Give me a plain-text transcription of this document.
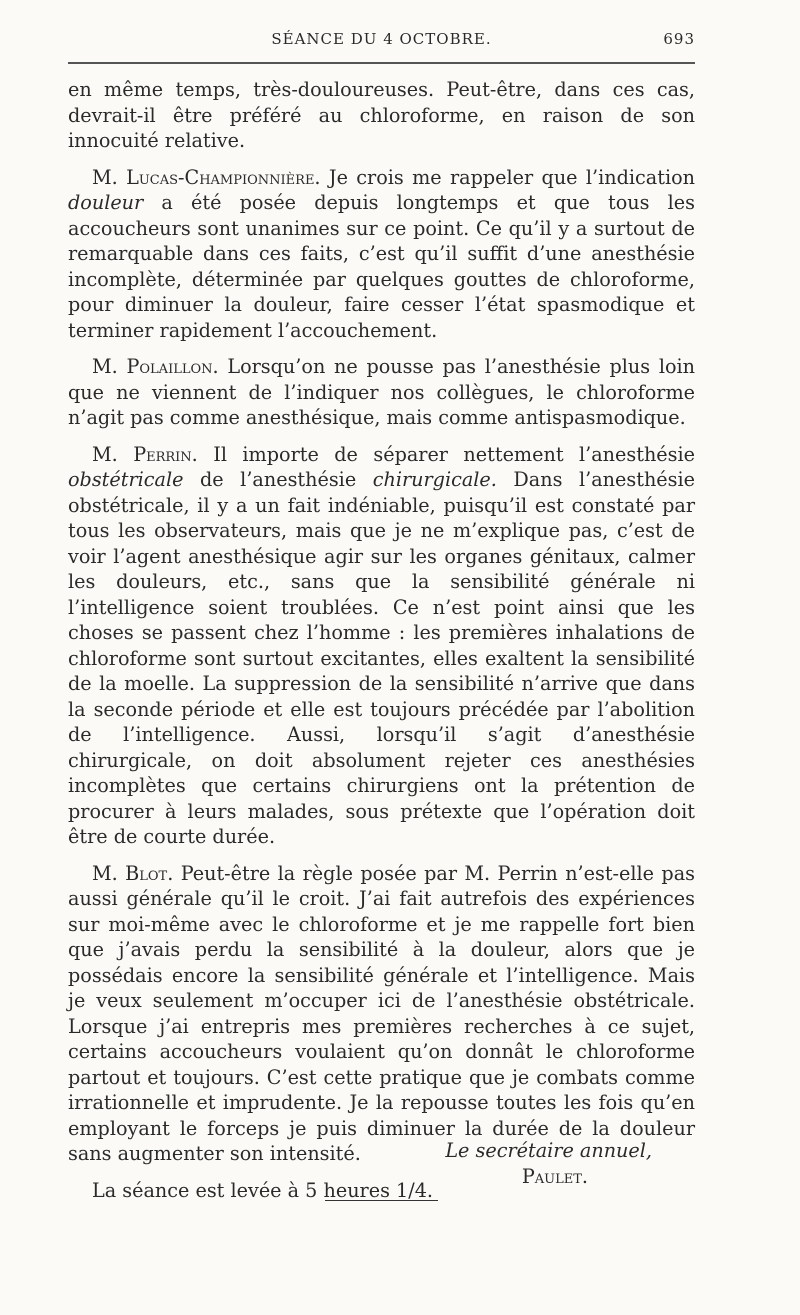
SÉANCE DU 4 OCTOBRE.	693

en même temps, très-douloureuses. Peut-être, dans ces cas, devrait-il être préféré au chloroforme, en raison de son innocuité relative.

M. Lucas-Championnière. Je crois me rappeler que l’indication douleur a été posée depuis longtemps et que tous les accoucheurs sont unanimes sur ce point. Ce qu’il y a surtout de remarquable dans ces faits, c’est qu’il suffit d’une anesthésie incomplète, déterminée par quelques gouttes de chloroforme, pour diminuer la douleur, faire cesser l’état spasmodique et terminer rapidement l’accouchement.

M. Polaillon. Lorsqu’on ne pousse pas l’anesthésie plus loin que ne viennent de l’indiquer nos collègues, le chloroforme n’agit pas comme anesthésique, mais comme antispasmodique.

M. Perrin. Il importe de séparer nettement l’anesthésie obstétricale de l’anesthésie chirurgicale. Dans l’anesthésie obstétricale, il y a un fait indéniable, puisqu’il est constaté par tous les observateurs, mais que je ne m’explique pas, c’est de voir l’agent anesthésique agir sur les organes génitaux, calmer les douleurs, etc., sans que la sensibilité générale ni l’intelligence soient troublées. Ce n’est point ainsi que les choses se passent chez l’homme : les premières inhalations de chloroforme sont surtout excitantes, elles exaltent la sensibilité de la moelle. La suppression de la sensibilité n’arrive que dans la seconde période et elle est toujours précédée par l’abolition de l’intelligence. Aussi, lorsqu’il s’agit d’anesthésie chirurgicale, on doit absolument rejeter ces anesthésies incomplètes que certains chirurgiens ont la prétention de procurer à leurs malades, sous prétexte que l’opération doit être de courte durée.

M. Blot. Peut-être la règle posée par M. Perrin n’est-elle pas aussi générale qu’il le croit. J’ai fait autrefois des expériences sur moi-même avec le chloroforme et je me rappelle fort bien que j’avais perdu la sensibilité à la douleur, alors que je possédais encore la sensibilité générale et l’intelligence. Mais je veux seulement m’occuper ici de l’anesthésie obstétricale. Lorsque j’ai entrepris mes premières recherches à ce sujet, certains accoucheurs voulaient qu’on donnât le chloroforme partout et toujours. C’est cette pratique que je combats comme irrationnelle et imprudente. Je la repousse toutes les fois qu’en employant le forceps je puis diminuer la durée de la douleur sans augmenter son intensité.

La séance est levée à 5 heures 1/4.

Le secrétaire annuel,
Paulet.
